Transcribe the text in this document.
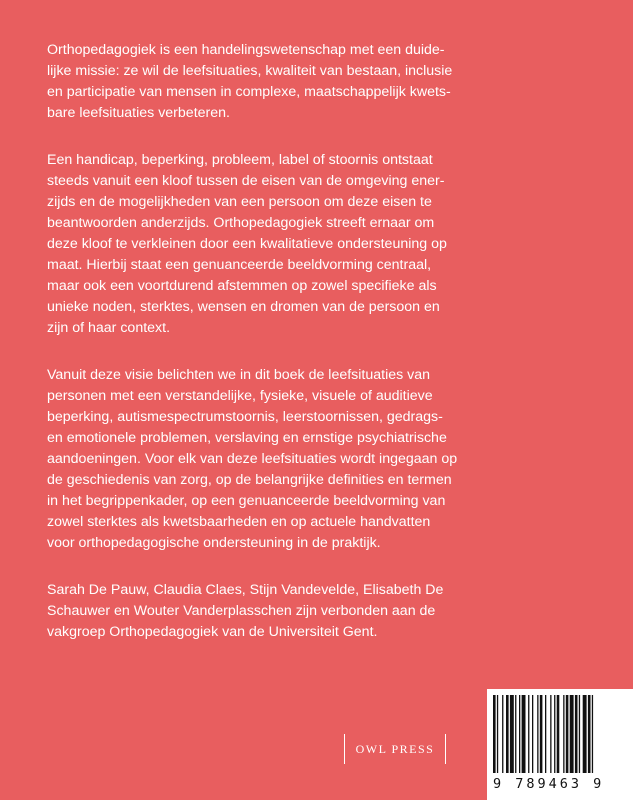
Orthopedagogiek is een handelingswetenschap met een duide-
lijke missie: ze wil de leefsituaties, kwaliteit van bestaan, inclusie
en participatie van mensen in complexe, maatschappelijk kwets-
bare leefsituaties verbeteren.

Een handicap, beperking, probleem, label of stoornis ontstaat
steeds vanuit een kloof tussen de eisen van de omgeving ener-
zijds en de mogelijkheden van een persoon om deze eisen te
beantwoorden anderzijds. Orthopedagogiek streeft ernaar om
deze kloof te verkleinen door een kwalitatieve ondersteuning op
maat. Hierbij staat een genuanceerde beeldvorming centraal,
maar ook een voortdurend afstemmen op zowel specifieke als
unieke noden, sterktes, wensen en dromen van de persoon en
zijn of haar context.

Vanuit deze visie belichten we in dit boek de leefsituaties van
personen met een verstandelijke, fysieke, visuele of auditieve
beperking, autismespectrumstoornis, leerstoornissen, gedrags-
en emotionele problemen, verslaving en ernstige psychiatrische
aandoeningen. Voor elk van deze leefsituaties wordt ingegaan op
de geschiedenis van zorg, op de belangrijke definities en termen
in het begrippenkader, op een genuanceerde beeldvorming van
zowel sterktes als kwetsbaarheden en op actuele handvatten
voor orthopedagogische ondersteuning in de praktijk.

Sarah De Pauw, Claudia Claes, Stijn Vandevelde, Elisabeth De
Schauwer en Wouter Vanderplasschen zijn verbonden aan de
vakgroep Orthopedagogiek van de Universiteit Gent.

OWL PRESS
9 789463 9
